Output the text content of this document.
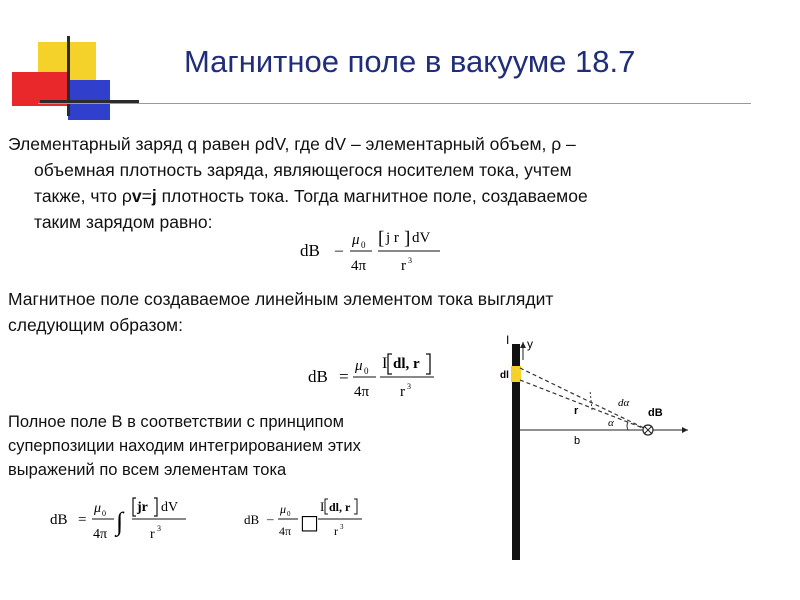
Магнитное поле в вакууме 18.7
Элементарный заряд q равен ρdV, где dV – элементарный объем, ρ –
объемная плотность заряда, являющегося носителем тока, учтем
также, что ρv=j плотность тока. Тогда магнитное поле, создаваемое
таким зарядом равно:
dB –
μ 0
4π
[ j r ] dV
r 3
Магнитное поле создаваемое линейным элементом тока выглядит
следующим образом:
dB =
μ 0
4π
I dl, r
r 3
Полное поле B в соответствии с принципом
суперпозиции находим интегрированием этих
выражений по всем элементам тока
dB =
μ 0
4π ∫ jr dV
r 3
dB –
μ 0
4π □
I dl, r
r 3
I y
dl
dα
r
α
dB
b
